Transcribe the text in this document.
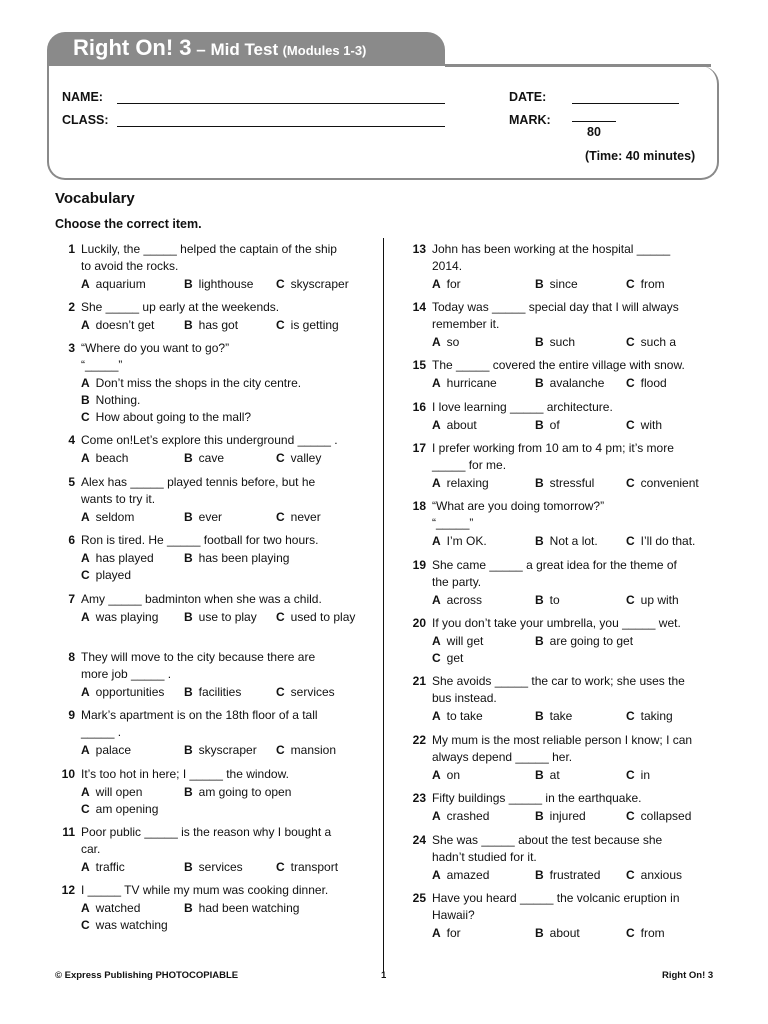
Right On! 3 – Mid Test (Modules 1-3)
NAME:
CLASS:
DATE:
MARK:
80
(Time: 40 minutes)
Vocabulary
Choose the correct item.
1 Luckily, the _____ helped the captain of the ship
to avoid the rocks.
A aquarium	B lighthouse C skyscraper
2 She _____ up early at the weekends.
A doesn’t get B has got	C is getting
3 “Where do you want to go?”
“_____”
A Don’t miss the shops in the city centre.
B Nothing.
C How about going to the mall?
4 Come on!Let’s explore this underground _____ .
A beach	B cave	C valley
5 Alex has _____ played tennis before, but he
wants to try it.
A seldom	B ever	C never
6 Ron is tired. He _____ football for two hours.
A has played	B has been playing
C played
7 Amy _____ badminton when she was a child.
A was playing B use to play C used to play
8 They will move to the city because there are
more job _____ .
A opportunities B facilities	C services
9 Mark’s apartment is on the 18th floor of a tall
_____ .
A palace	B skyscraper C mansion
10 It’s too hot in here; I _____ the window.
A will open	B am going to open
C am opening
11 Poor public _____ is the reason why I bought a
car.
A traffic	B services	C transport
12 I _____ TV while my mum was cooking dinner.
A watched	B had been watching
C was watching
13 John has been working at the hospital _____
2014.
A for	B since	C from
14 Today was _____ special day that I will always
remember it.
A so	B such	C such a
15 The _____ covered the entire village with snow.
A hurricane	B avalanche C flood
16 I love learning _____ architecture.
A about	B of	C with
17 I prefer working from 10 am to 4 pm; it’s more
_____ for me.
A relaxing	B stressful	C convenient
18 “What are you doing tomorrow?”
“_____”
A I’m OK.	B Not a lot. C I’ll do that.
19 She came _____ a great idea for the theme of
the party.
A across	B to	C up with
20 If you don’t take your umbrella, you _____ wet.
A will get	B are going to get
C get
21 She avoids _____ the car to work; she uses the
bus instead.
A to take	B take	C taking
22 My mum is the most reliable person I know; I can
always depend _____ her.
A on	B at	C in
23 Fifty buildings _____ in the earthquake.
A crashed	B injured	C collapsed
24 She was _____ about the test because she
hadn’t studied for it.
A amazed	B frustrated C anxious
25 Have you heard _____ the volcanic eruption in
Hawaii?
A for	B about	C from
© Express Publishing PHOTOCOPIABLE	1	Right On! 3
